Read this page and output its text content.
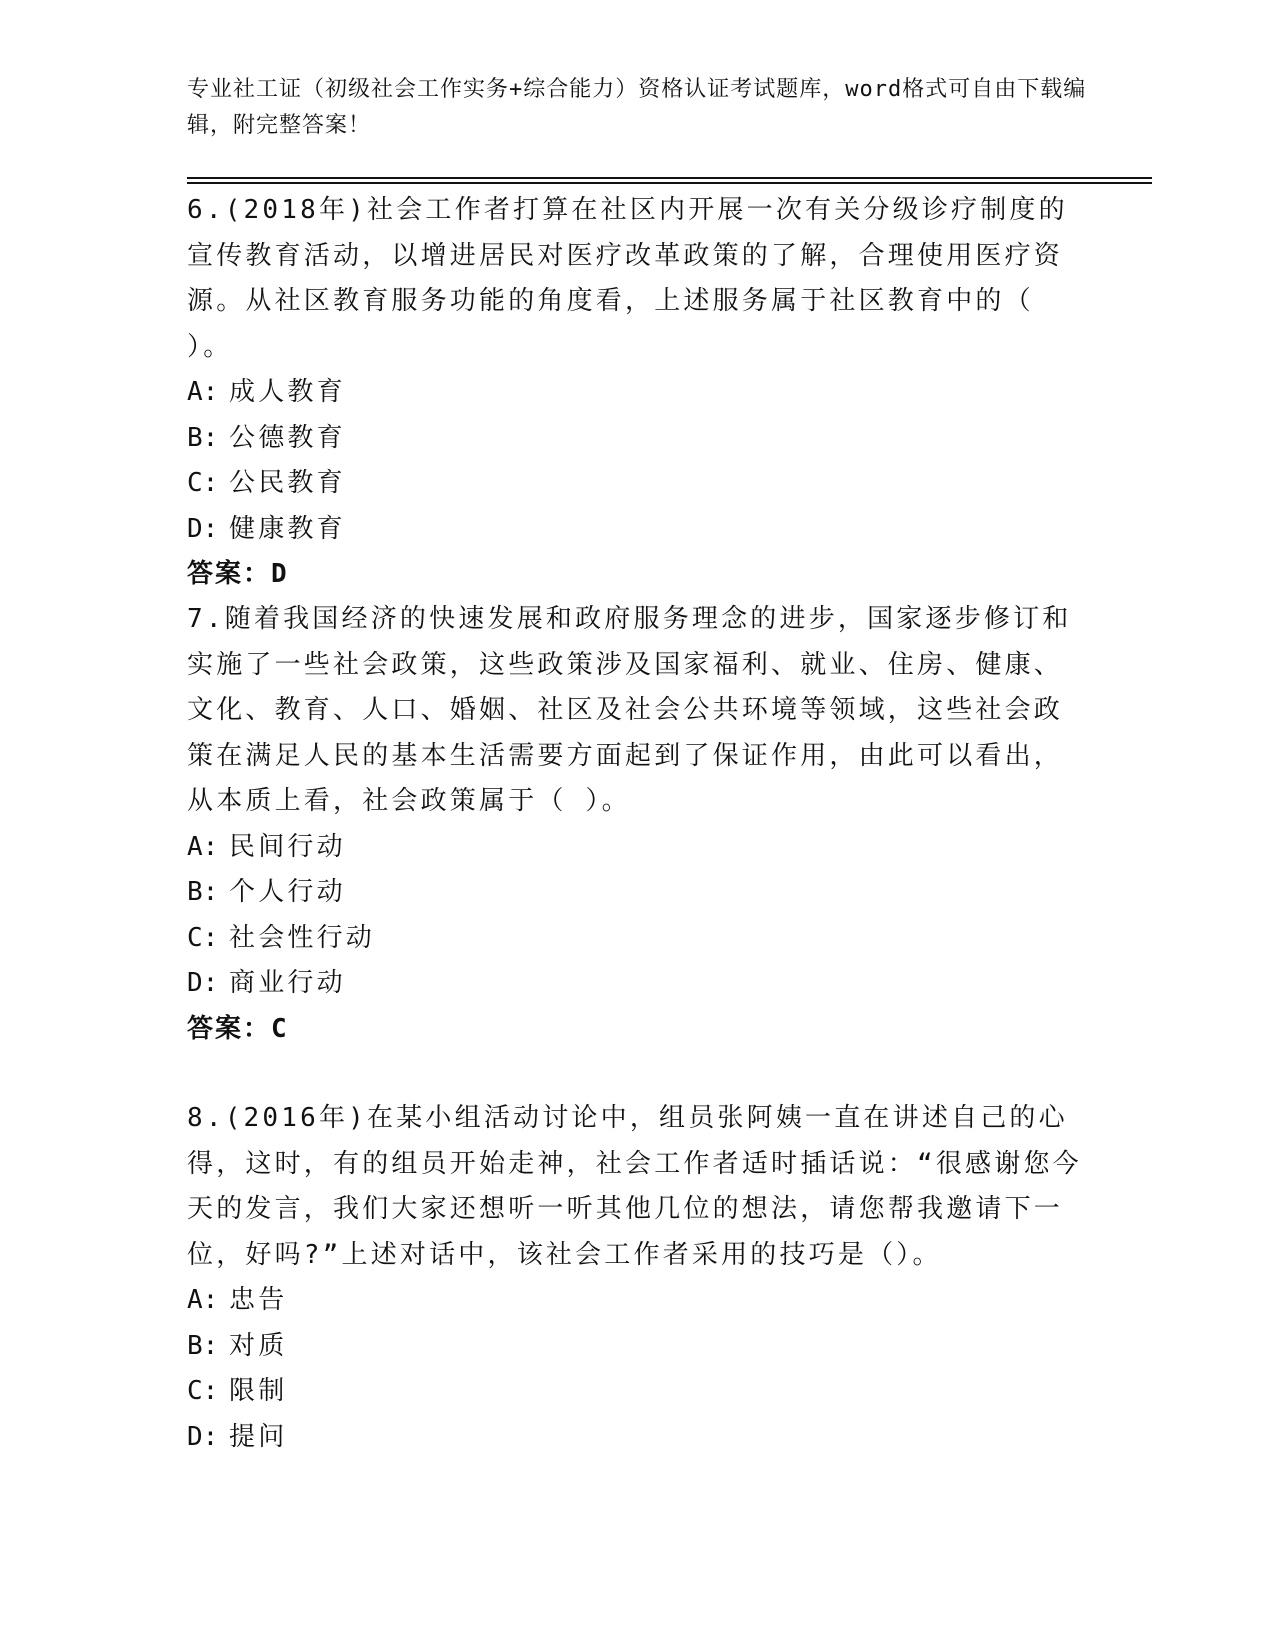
专业社工证（初级社会工作实务+综合能力）资格认证考试题库，word格式可自由下载编辑，附完整答案！

6.(2018年)社会工作者打算在社区内开展一次有关分级诊疗制度的宣传教育活动，以增进居民对医疗改革政策的了解，合理使用医疗资源。从社区教育服务功能的角度看，上述服务属于社区教育中的（ ）。

A: 成人教育

B: 公德教育

C: 公民教育

D: 健康教育

答案：D

7.随着我国经济的快速发展和政府服务理念的进步，国家逐步修订和实施了一些社会政策，这些政策涉及国家福利、就业、住房、健康、文化、教育、人口、婚姻、社区及社会公共环境等领域，这些社会政策在满足人民的基本生活需要方面起到了保证作用，由此可以看出，从本质上看，社会政策属于（ ）。

A: 民间行动

B: 个人行动

C: 社会性行动

D: 商业行动

答案：C

8.(2016年)在某小组活动讨论中，组员张阿姨一直在讲述自己的心得，这时，有的组员开始走神，社会工作者适时插话说：“很感谢您今天的发言，我们大家还想听一听其他几位的想法，请您帮我邀请下一位，好吗?”上述对话中，该社会工作者采用的技巧是（）。

A: 忠告

B: 对质

C: 限制

D: 提问
